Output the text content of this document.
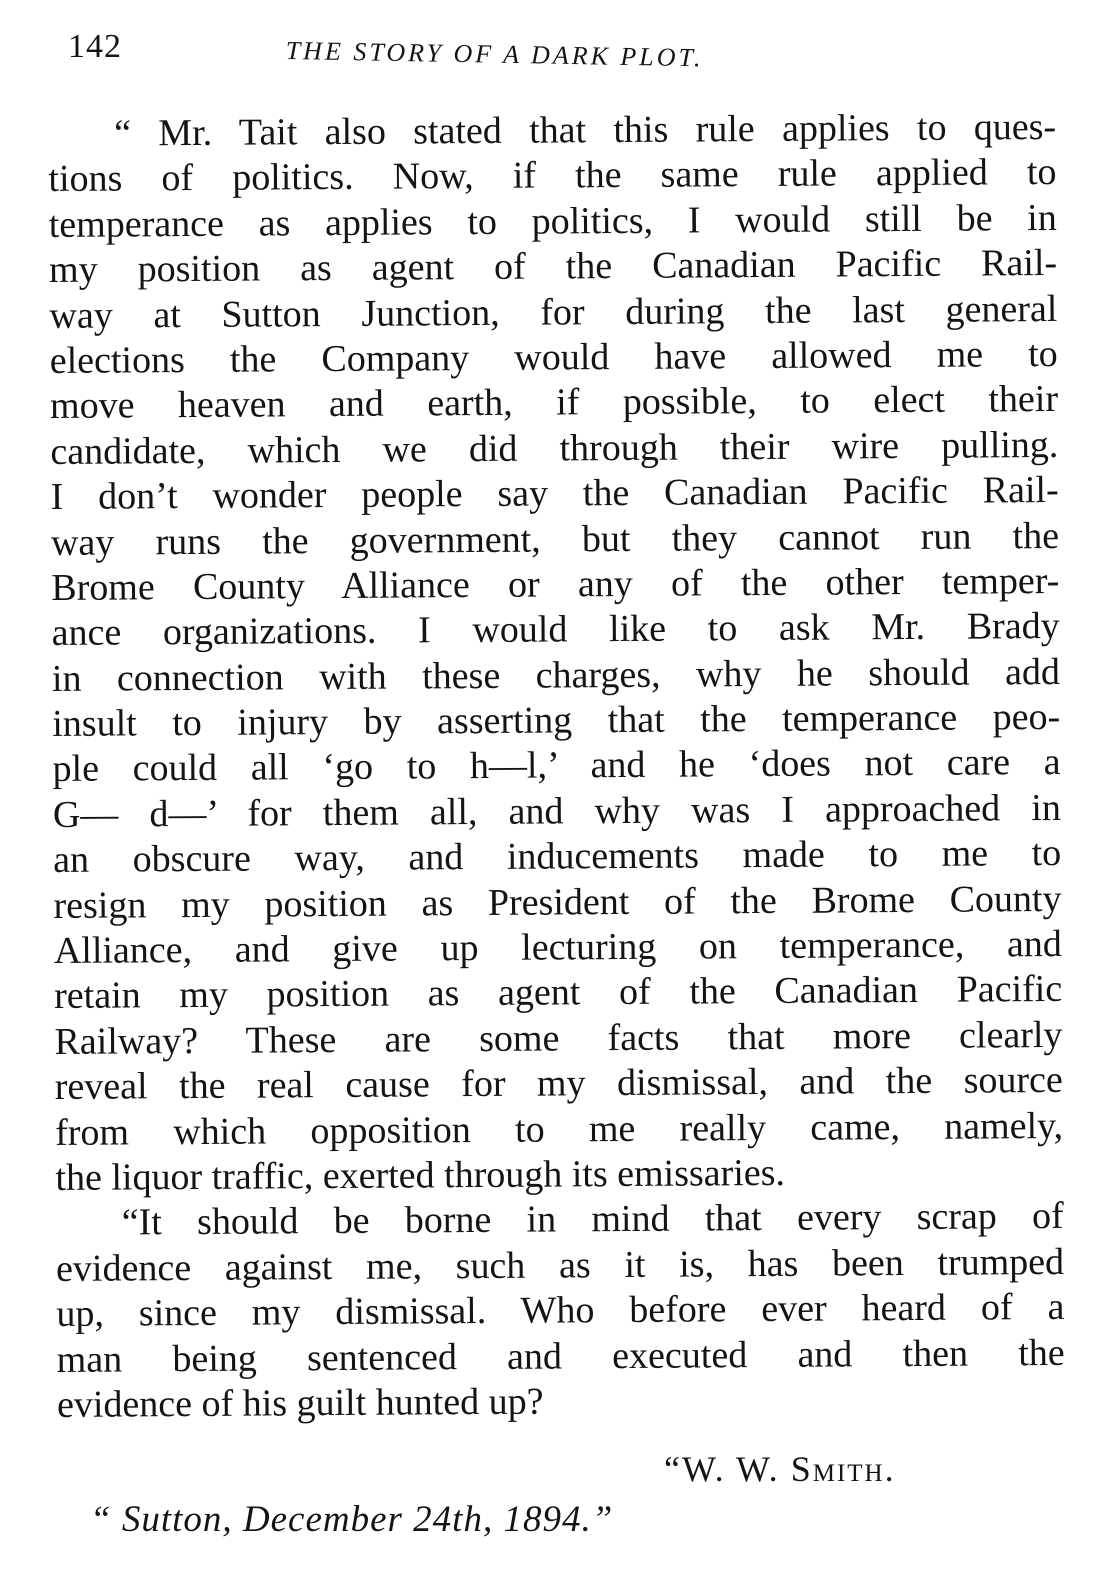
142	THE STORY OF A DARK PLOT.
“ Mr. Tait also stated that this rule applies to ques-
tions of politics. Now, if the same rule applied to
temperance as applies to politics, I would still be in
my position as agent of the Canadian Pacific Rail-
way at Sutton Junction, for during the last general
elections the Company would have allowed me to
move heaven and earth, if possible, to elect their
candidate, which we did through their wire pulling.
I don’t wonder people say the Canadian Pacific Rail-
way runs the government, but they cannot run the
Brome County Alliance or any of the other temper-
ance organizations. I would like to ask Mr. Brady
in connection with these charges, why he should add
insult to injury by asserting that the temperance peo-
ple could all ‘go to h—l,’ and he ‘does not care a
G— d—’ for them all, and why was I approached in
an obscure way, and inducements made to me to
resign my position as President of the Brome County
Alliance, and give up lecturing on temperance, and
retain my position as agent of the Canadian Pacific
Railway? These are some facts that more clearly
reveal the real cause for my dismissal, and the source
from which opposition to me really came, namely,
the liquor traffic, exerted through its emissaries.
“It should be borne in mind that every scrap of
evidence against me, such as it is, has been trumped
up, since my dismissal. Who before ever heard of a
man being sentenced and executed and then the
evidence of his guilt hunted up?
“W. W. Smith.
“ Sutton, December 24th, 1894.”
